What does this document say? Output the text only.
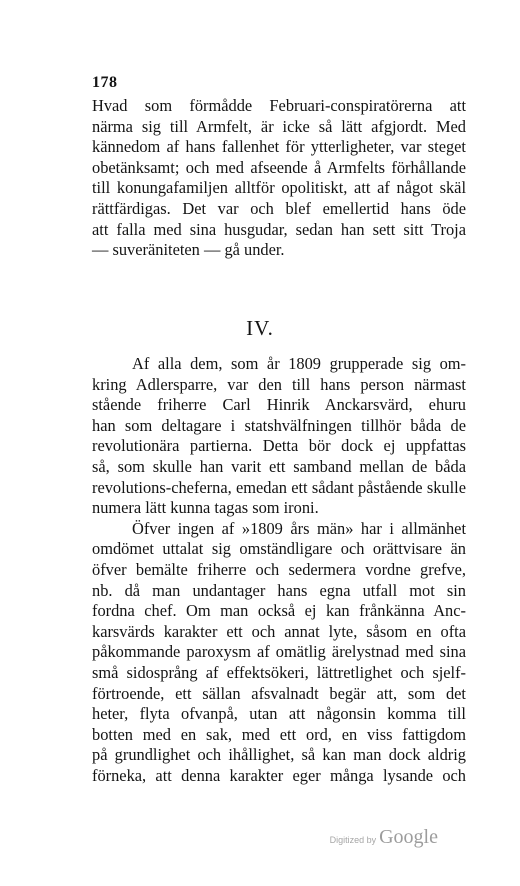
178
Hvad som förmådde Februari-conspiratörerna att
närma sig till Armfelt, är icke så lätt afgjordt. Med
kännedom af hans fallenhet för ytterligheter, var steget
obetänksamt; och med afseende å Armfelts förhållande
till konungafamiljen alltför opolitiskt, att af något skäl
rättfärdigas. Det var och blef emellertid hans öde
att falla med sina husgudar, sedan han sett sitt Troja
— suveräniteten — gå under.
IV.
Af alla dem, som år 1809 grupperade sig om-
kring Adlersparre, var den till hans person närmast
stående friherre Carl Hinrik Anckarsvärd, ehuru
han som deltagare i statshvälfningen tillhör båda de
revolutionära partierna. Detta bör dock ej uppfattas
så, som skulle han varit ett samband mellan de båda
revolutions-cheferna, emedan ett sådant påstående skulle
numera lätt kunna tagas som ironi.
Öfver ingen af »1809 års män» har i allmänhet
omdömet uttalat sig omständligare och orättvisare än
öfver bemälte friherre och sedermera vordne grefve,
nb. då man undantager hans egna utfall mot sin
fordna chef. Om man också ej kan frånkänna Anc-
karsvärds karakter ett och annat lyte, såsom en ofta
påkommande paroxysm af omätlig ärelystnad med sina
små sidosprång af effektsökeri, lättretlighet och sjelf-
förtroende, ett sällan afsvalnadt begär att, som det
heter, flyta ofvanpå, utan att någonsin komma till
botten med en sak, med ett ord, en viss fattigdom
på grundlighet och ihållighet, så kan man dock aldrig
förneka, att denna karakter eger många lysande och
Digitized by Google
